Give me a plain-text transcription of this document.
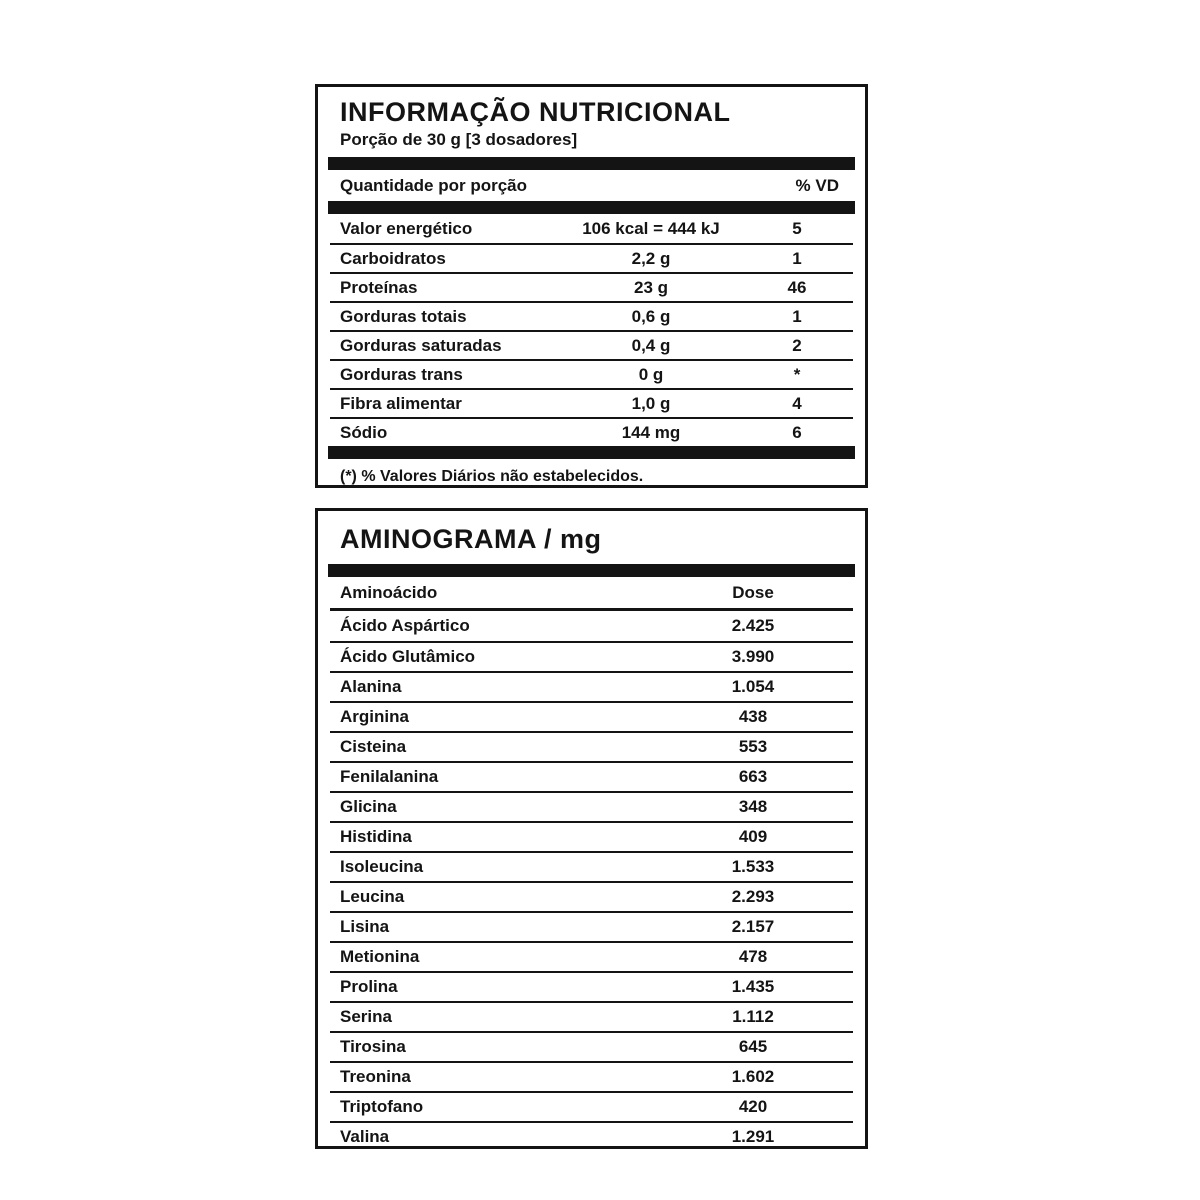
INFORMAÇÃO NUTRICIONAL
Porção de 30 g [3 dosadores]
Quantidade por porção	% VD
Valor energético	106 kcal = 444 kJ	5
Carboidratos	2,2 g	1
Proteínas	23 g	46
Gorduras totais	0,6 g	1
Gorduras saturadas	0,4 g	2
Gorduras trans	0 g	*
Fibra alimentar	1,0 g	4
Sódio	144 mg	6

(*) % Valores Diários não estabelecidos.

AMINOGRAMA / mg
Aminoácido	Dose
Ácido Aspártico	2.425
Ácido Glutâmico	3.990
Alanina	1.054
Arginina	438
Cisteina	553
Fenilalanina	663
Glicina	348
Histidina	409
Isoleucina	1.533
Leucina	2.293
Lisina	2.157
Metionina	478
Prolina	1.435
Serina	1.112
Tirosina	645
Treonina	1.602
Triptofano	420
Valina	1.291
